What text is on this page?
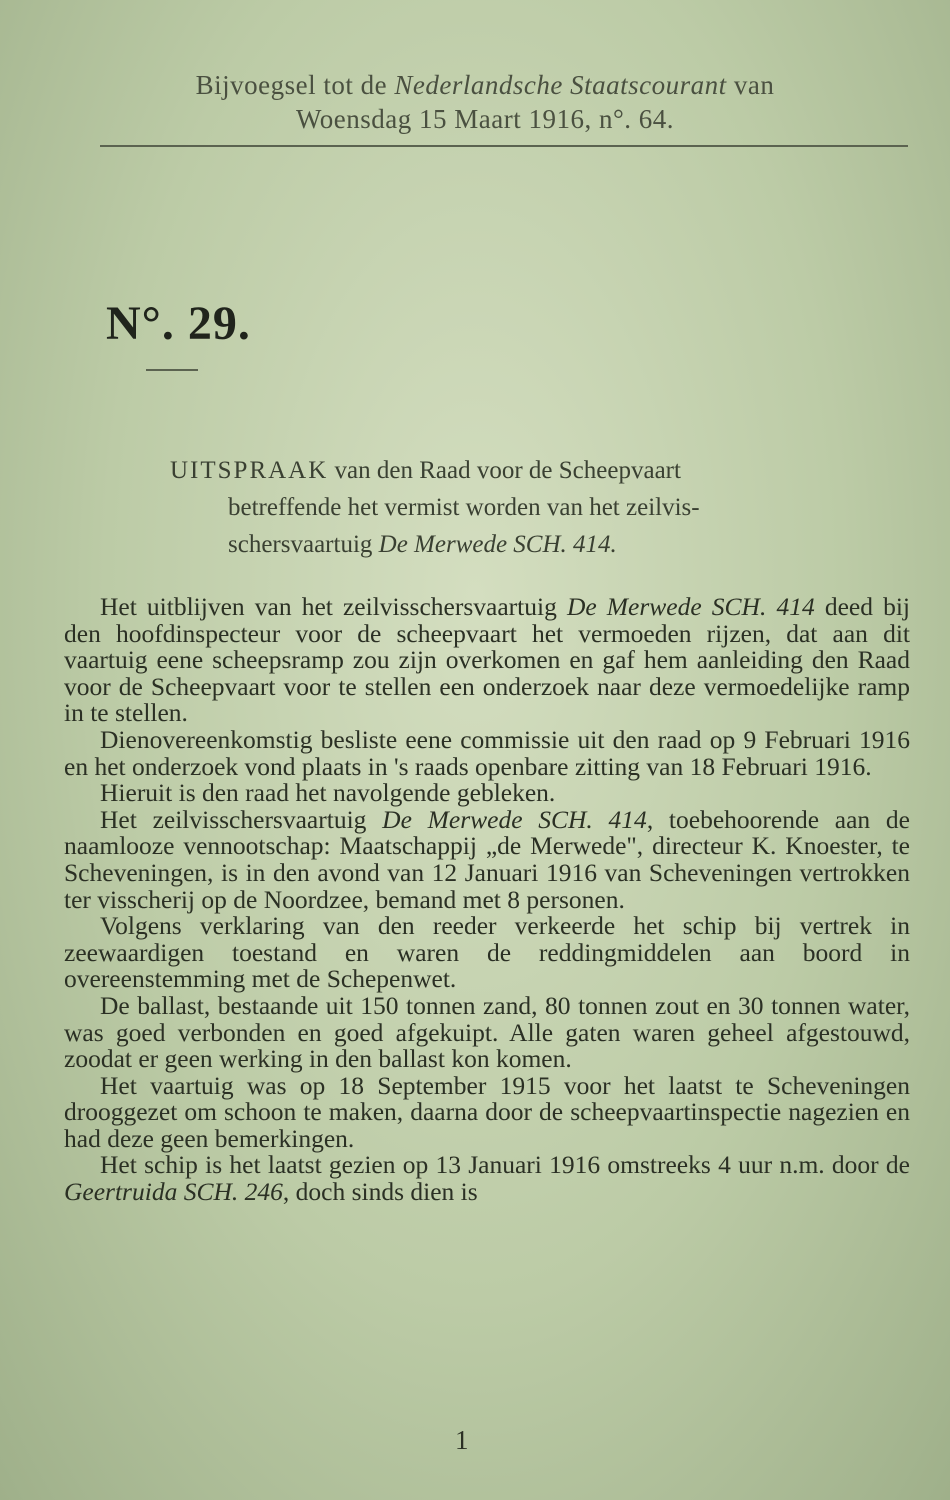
Bijvoegsel tot de Nederlandsche Staatscourant van
Woensdag 15 Maart 1916, n°. 64.
N°. 29.
UITSPRAAK van den Raad voor de Scheepvaart
betreffende het vermist worden van het zeilvis-
schersvaartuig De Merwede SCH. 414.

Het uitblijven van het zeilvisschersvaartuig De Merwede SCH. 414 deed bij den hoofdinspecteur voor de scheepvaart het vermoeden rijzen, dat aan dit vaartuig eene scheepsramp zou zijn overkomen en gaf hem aanleiding den Raad voor de Scheepvaart voor te stellen een onderzoek naar deze vermoedelijke ramp in te stellen.

Dienovereenkomstig besliste eene commissie uit den raad op 9 Februari 1916 en het onderzoek vond plaats in 's raads openbare zitting van 18 Februari 1916.

Hieruit is den raad het navolgende gebleken.

Het zeilvisschersvaartuig De Merwede SCH. 414, toebehoorende aan de naamlooze vennootschap: Maatschappij „de Merwede", directeur K. Knoester, te Scheveningen, is in den avond van 12 Januari 1916 van Scheveningen vertrokken ter visscherij op de Noordzee, bemand met 8 personen.

Volgens verklaring van den reeder verkeerde het schip bij vertrek in zeewaardigen toestand en waren de reddingmiddelen aan boord in overeenstemming met de Schepenwet.

De ballast, bestaande uit 150 tonnen zand, 80 tonnen zout en 30 tonnen water, was goed verbonden en goed afgekuipt. Alle gaten waren geheel afgestouwd, zoodat er geen werking in den ballast kon komen.

Het vaartuig was op 18 September 1915 voor het laatst te Scheveningen drooggezet om schoon te maken, daarna door de scheepvaartinspectie nagezien en had deze geen bemerkingen.

Het schip is het laatst gezien op 13 Januari 1916 omstreeks 4 uur n.m. door de Geertruida SCH. 246, doch sinds dien is

1
